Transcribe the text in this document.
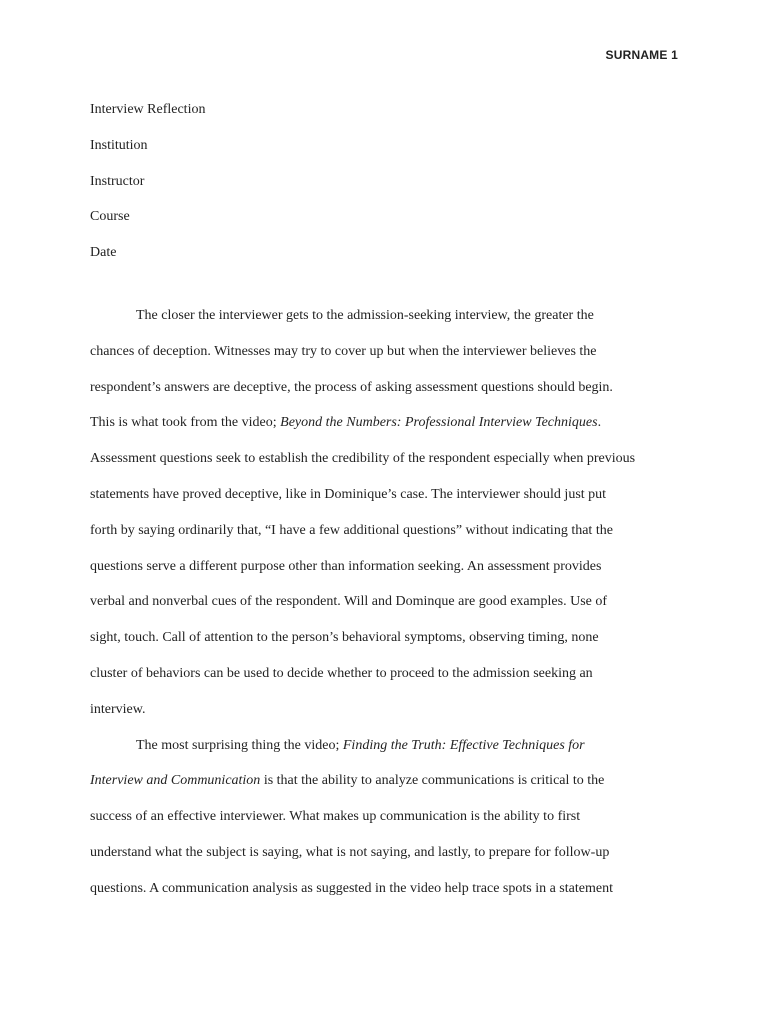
SURNAME 1
Interview Reflection
Institution
Instructor
Course
Date
The closer the interviewer gets to the admission-seeking interview, the greater the
chances of deception. Witnesses may try to cover up but when the interviewer believes the
respondent’s answers are deceptive, the process of asking assessment questions should begin.
This is what took from the video; Beyond the Numbers: Professional Interview Techniques.
Assessment questions seek to establish the credibility of the respondent especially when previous
statements have proved deceptive, like in Dominique’s case. The interviewer should just put
forth by saying ordinarily that, “I have a few additional questions” without indicating that the
questions serve a different purpose other than information seeking. An assessment provides
verbal and nonverbal cues of the respondent. Will and Dominque are good examples. Use of
sight, touch. Call of attention to the person’s behavioral symptoms, observing timing, none
cluster of behaviors can be used to decide whether to proceed to the admission seeking an
interview.
The most surprising thing the video; Finding the Truth: Effective Techniques for
Interview and Communication is that the ability to analyze communications is critical to the
success of an effective interviewer. What makes up communication is the ability to first
understand what the subject is saying, what is not saying, and lastly, to prepare for follow-up
questions. A communication analysis as suggested in the video help trace spots in a statement
